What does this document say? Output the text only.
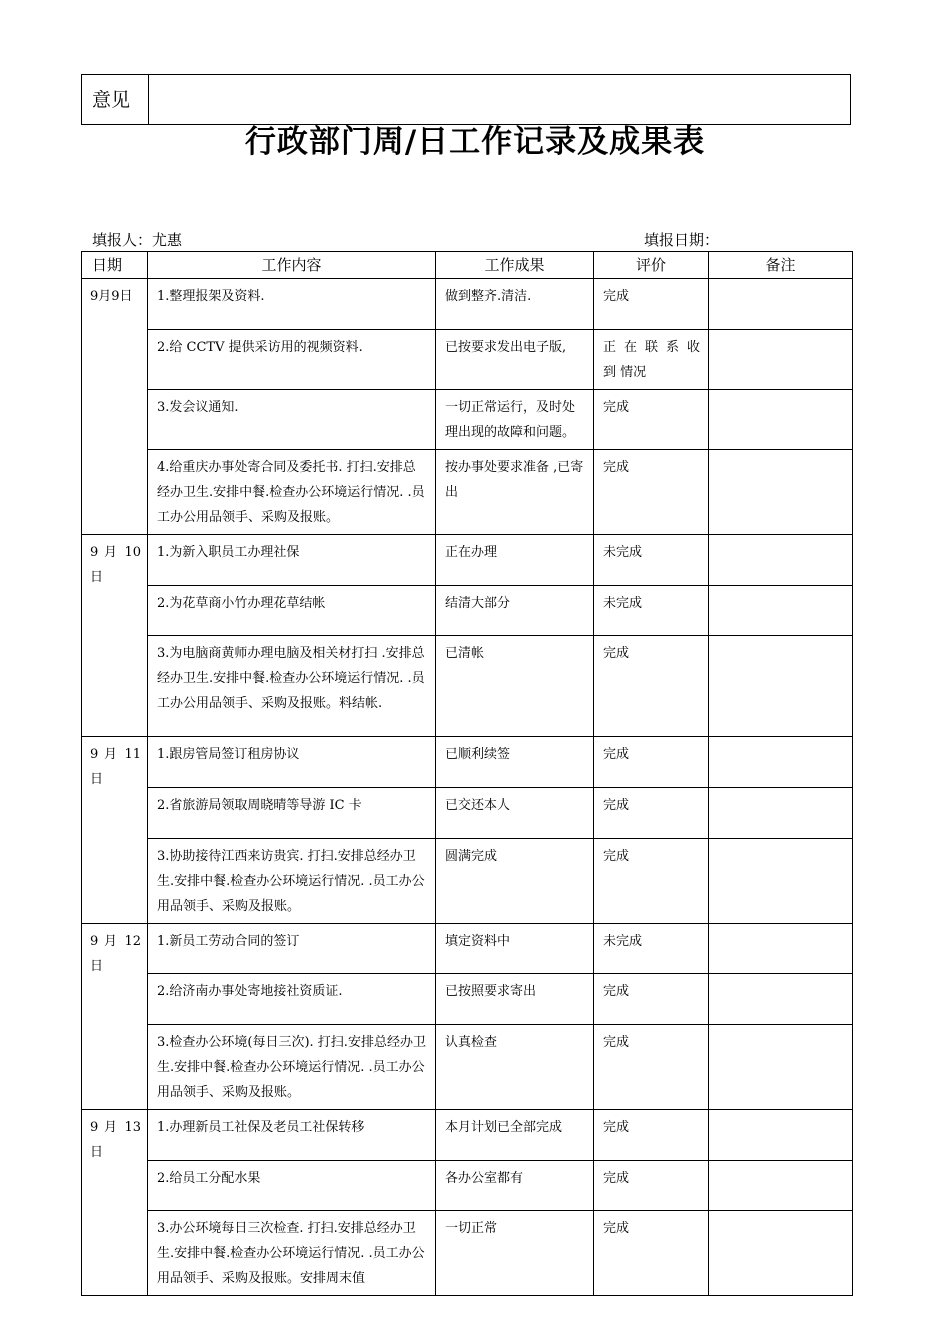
意见
行政部门周/日工作记录及成果表
填报人：尤惠	填报日期：
日期	工作内容	工作成果	评价	备注
9月9日	1.整理报架及资料.	做到整齐.清洁.	完成	
	2.给 CCTV 提供采访用的视频资料.	已按要求发出电子版,	正 在 联 系 收 到 情况	
	3.发会议通知.	一切正常运行，及时处理出现的故障和问题。	完成	
	4.给重庆办事处寄合同及委托书. 打扫.安排总经办卫生.安排中餐.检查办公环境运行情况. .员工办公用品领手、采购及报账。	按办事处要求准备 ,已寄出	完成	
9 月 10 日	1.为新入职员工办理社保	正在办理	未完成	
	2.为花草商小竹办理花草结帐	结清大部分	未完成	
	3.为电脑商黄师办理电脑及相关材打扫 .安排总经办卫生.安排中餐.检查办公环境运行情况. .员工办公用品领手、采购及报账。料结帐.	已清帐	完成	
9 月 11 日	1.跟房管局签订租房协议	已顺利续签	完成	
	2.省旅游局领取周晓晴等导游 IC 卡	已交还本人	完成	
	3.协助接待江西来访贵宾. 打扫.安排总经办卫生.安排中餐.检查办公环境运行情况. .员工办公用品领手、采购及报账。	圆满完成	完成	
9 月 12 日	1.新员工劳动合同的签订	填定资料中	未完成	
	2.给济南办事处寄地接社资质证.	已按照要求寄出	完成	
	3.检查办公环境(每日三次). 打扫.安排总经办卫生.安排中餐.检查办公环境运行情况. .员工办公用品领手、采购及报账。	认真检查	完成	
9 月 13 日	1.办理新员工社保及老员工社保转移	本月计划已全部完成	完成	
	2.给员工分配水果	各办公室都有	完成	
	3.办公环境每日三次检查. 打扫.安排总经办卫生.安排中餐.检查办公环境运行情况. .员工办公用品领手、采购及报账。安排周末值	一切正常	完成	
